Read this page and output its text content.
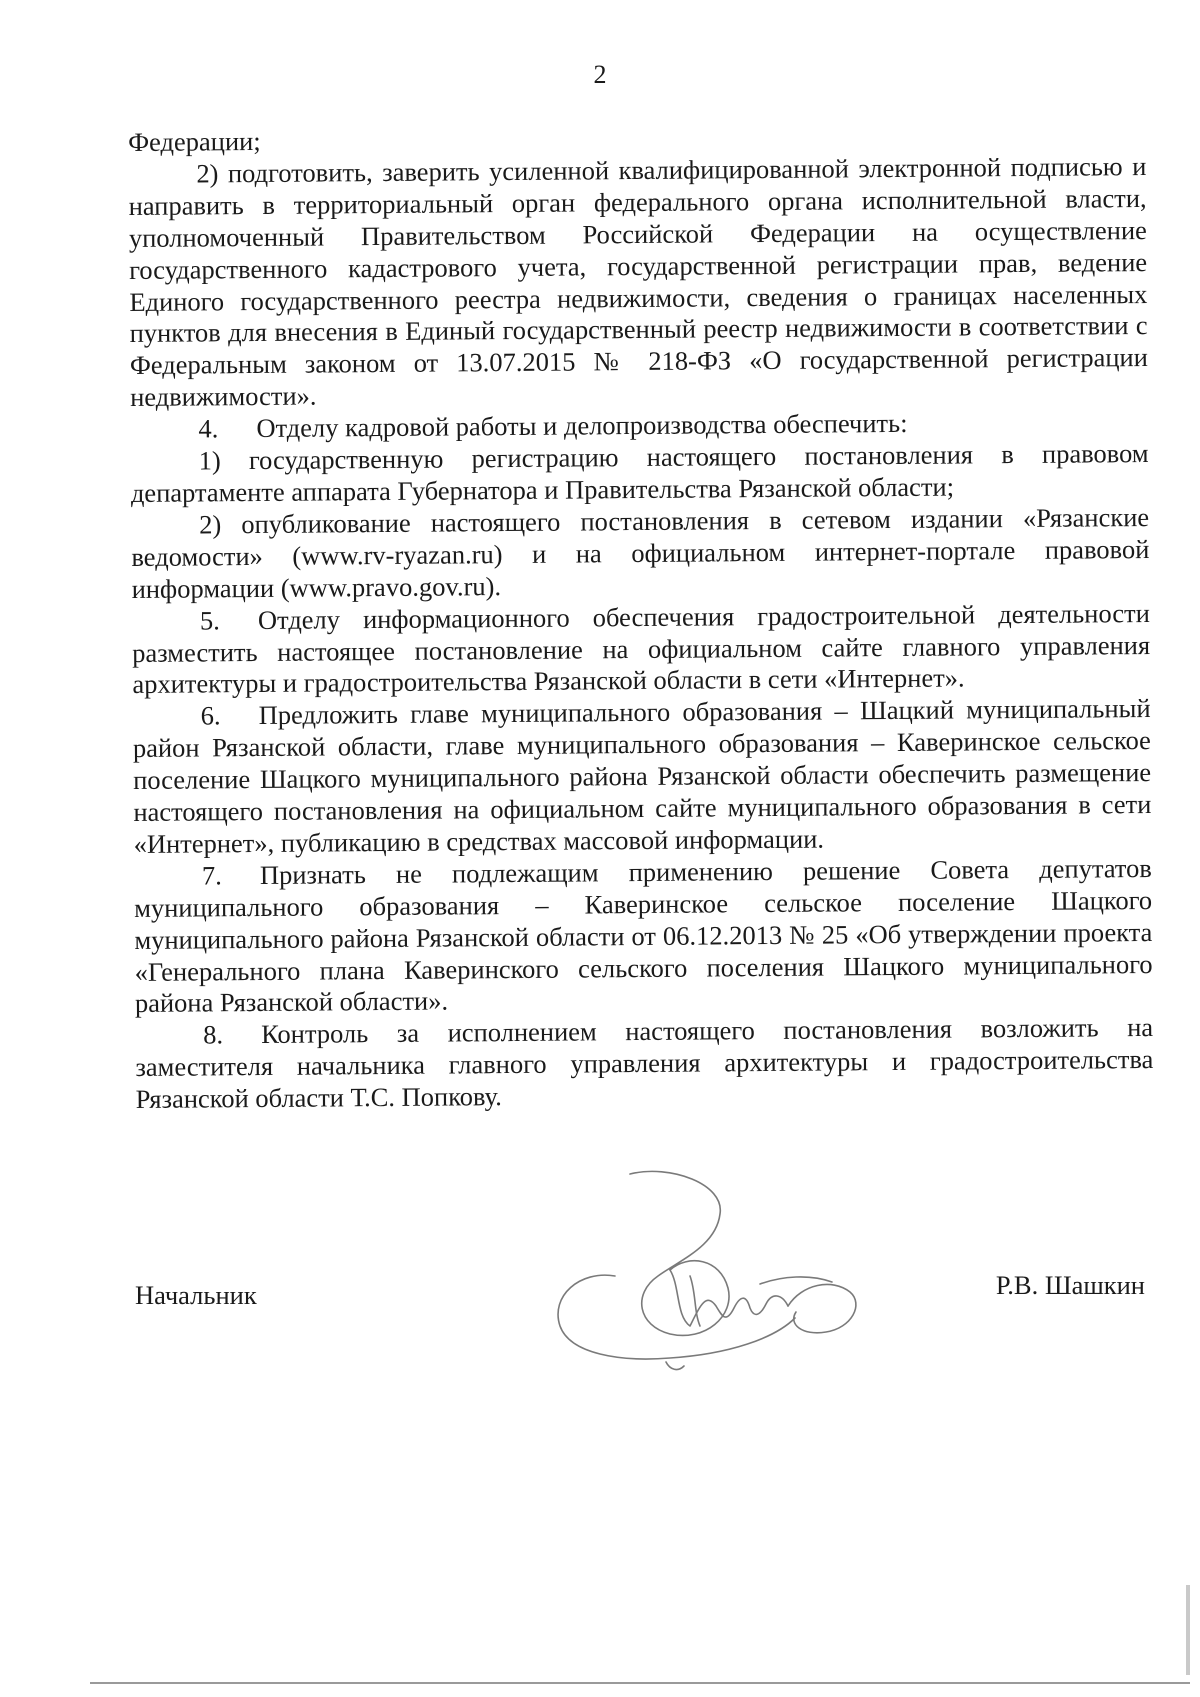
2

Федерации;

2) подготовить, заверить усиленной квалифицированной электронной подписью и направить в территориальный орган федерального органа исполнительной власти, уполномоченный Правительством Российской Федерации на осуществление государственного кадастрового учета, государственной регистрации прав, ведение Единого государственного реестра недвижимости, сведения о границах населенных пунктов для внесения в Единый государственный реестр недвижимости в соответствии с Федеральным законом от 13.07.2015 № 218-ФЗ «О государственной регистрации недвижимости».

4. Отделу кадровой работы и делопроизводства обеспечить:

1) государственную регистрацию настоящего постановления в правовом департаменте аппарата Губернатора и Правительства Рязанской области;

2) опубликование настоящего постановления в сетевом издании «Рязанские ведомости» (www.rv-ryazan.ru) и на официальном интернет-портале правовой информации (www.pravo.gov.ru).

5. Отделу информационного обеспечения градостроительной деятельности разместить настоящее постановление на официальном сайте главного управления архитектуры и градостроительства Рязанской области в сети «Интернет».

6. Предложить главе муниципального образования – Шацкий муниципальный район Рязанской области, главе муниципального образования – Каверинское сельское поселение Шацкого муниципального района Рязанской области обеспечить размещение настоящего постановления на официальном сайте муниципального образования в сети «Интернет», публикацию в средствах массовой информации.

7. Признать не подлежащим применению решение Совета депутатов муниципального образования – Каверинское сельское поселение Шацкого муниципального района Рязанской области от 06.12.2013 № 25 «Об утверждении проекта «Генерального плана Каверинского сельского поселения Шацкого муниципального района Рязанской области».

8. Контроль за исполнением настоящего постановления возложить на заместителя начальника главного управления архитектуры и градостроительства Рязанской области Т.С. Попкову.

Начальник	Р.В. Шашкин
